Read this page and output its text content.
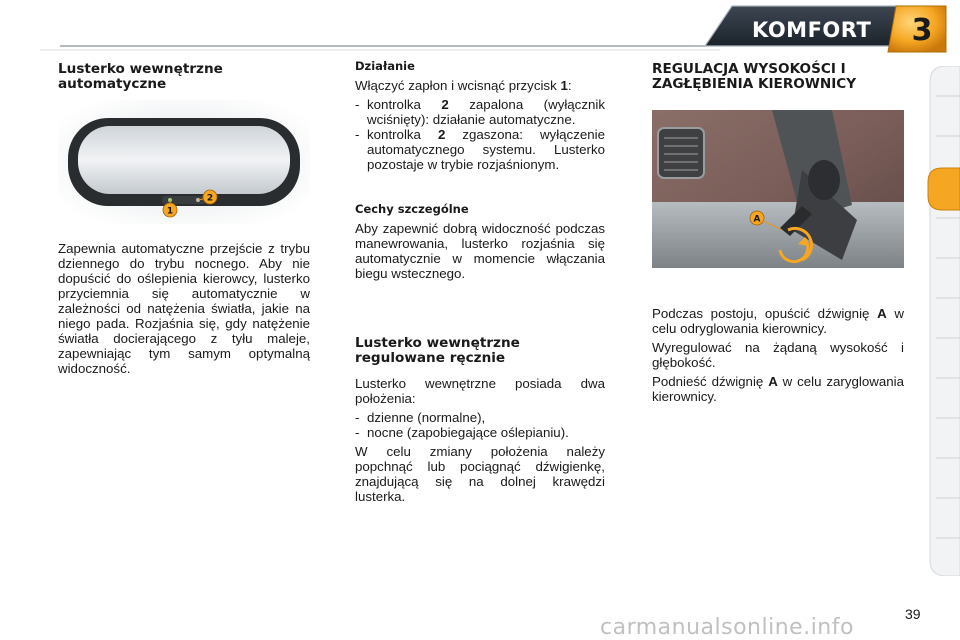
KOMFORT 3
Lusterko wewnętrzne automatyczne
1
2

Zapewnia automatyczne przejście z trybu dziennego do trybu nocnego. Aby nie dopuścić do oślepienia kierowcy, lusterko przyciemnia się automatycznie w zależności od natężenia światła, jakie na niego pada. Rozjaśnia się, gdy natężenie światła docierającego z tyłu maleje, zapewniając tym samym optymalną widoczność.

Działanie

Włączyć zapłon i wcisnąć przycisk 1:

- kontrolka 2 zapalona (wyłącznik wciśnięty): działanie automatyczne.
- kontrolka 2 zgaszona: wyłączenie automatycznego systemu. Lusterko pozostaje w trybie rozjaśnionym.
Cechy szczególne

Aby zapewnić dobrą widoczność podczas manewrowania, lusterko rozjaśnia się automatycznie w momencie włączania biegu wstecznego.

Lusterko wewnętrzne regulowane ręcznie

Lusterko wewnętrzne posiada dwa położenia:

- dzienne (normalne),
- nocne (zapobiegające oślepianiu).

W celu zmiany położenia należy popchnąć lub pociągnąć dźwigienkę, znajdującą się na dolnej krawędzi lusterka.

REGULACJA WYSOKOŚCI I ZAGŁĘBIENIA KIEROWNICY
A

Podczas postoju, opuścić dźwignię A w celu odryglowania kierownicy.

Wyregulować na żądaną wysokość i głębokość.

Podnieść dźwignię A w celu zaryglowania kierownicy.

39
carmanualsonline.info
